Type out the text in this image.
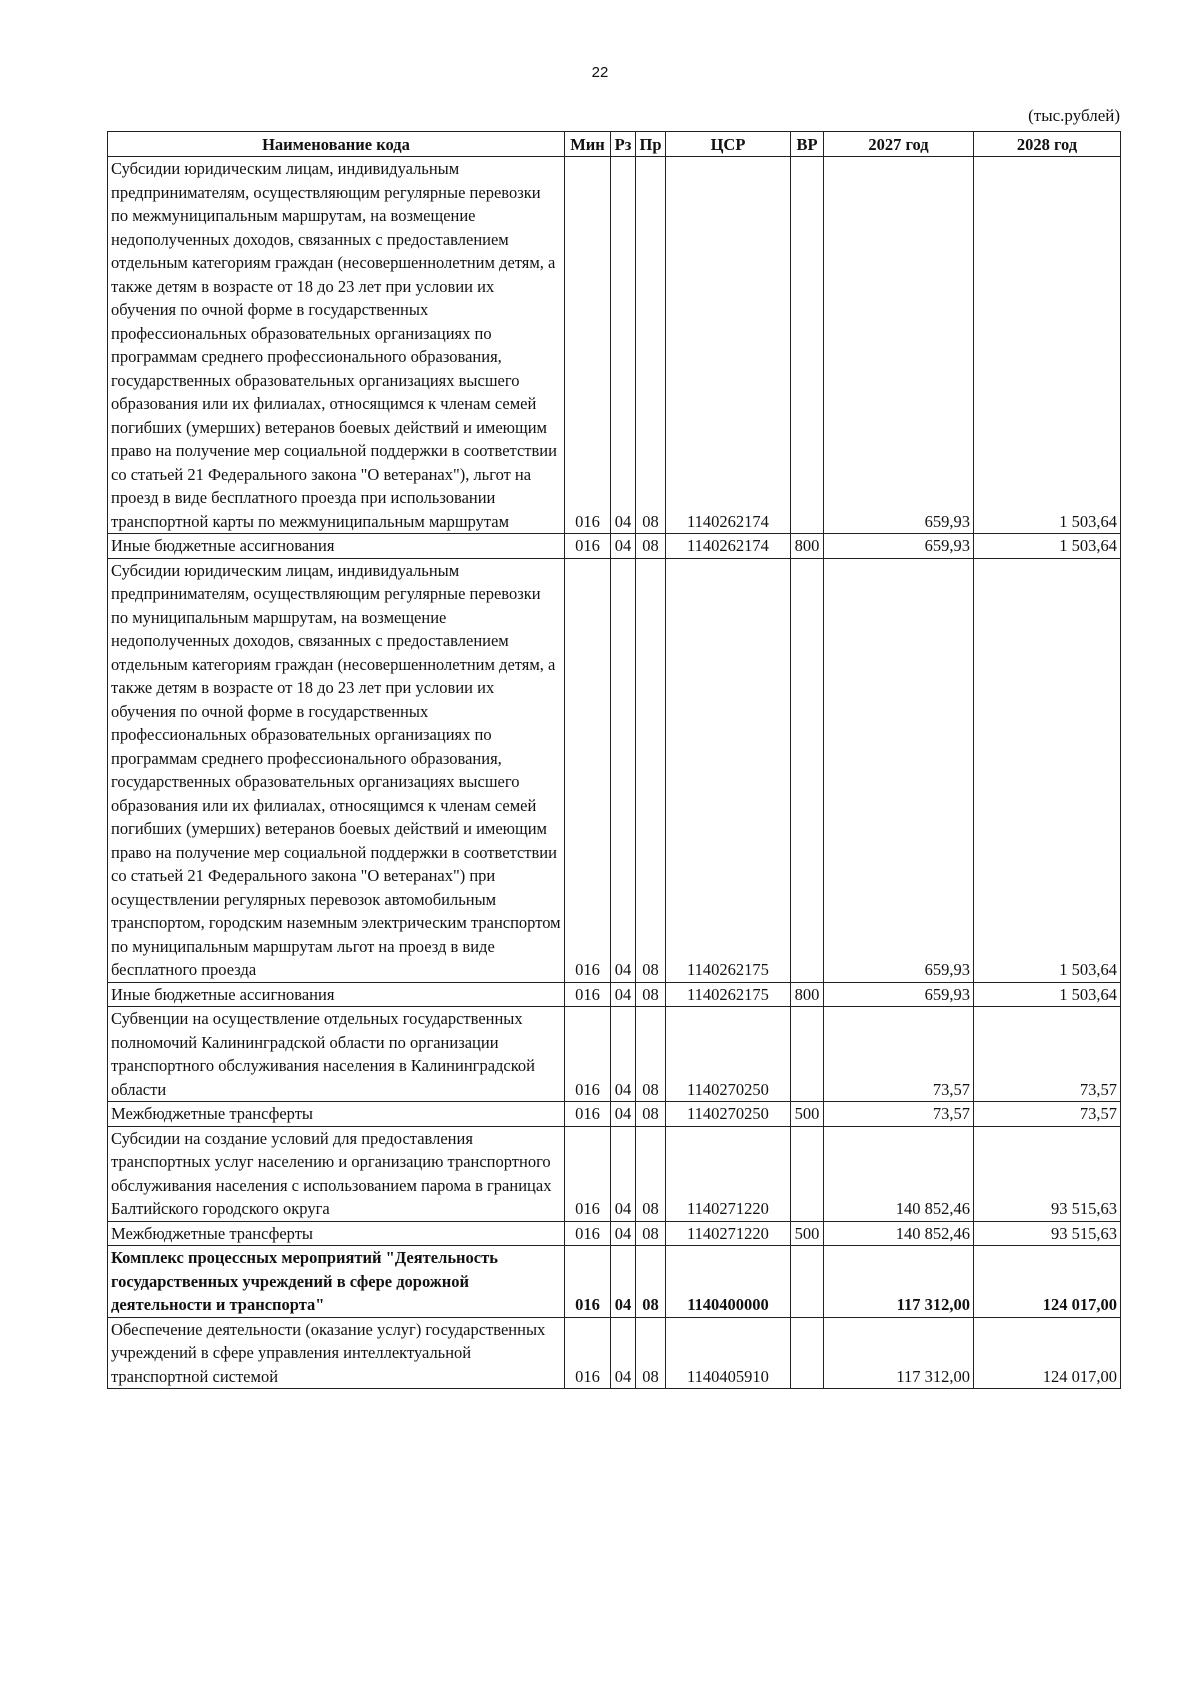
22
(тыс.рублей)
Наименование кода	Мин	Рз	Пр	ЦСР	ВР	2027 год	2028 год
Субсидии юридическим лицам, индивидуальным предпринимателям, осуществляющим регулярные перевозки по межмуниципальным маршрутам, на возмещение недополученных доходов, связанных с предоставлением отдельным категориям граждан (несовершеннолетним детям, а также детям в возрасте от 18 до 23 лет при условии их обучения по очной форме в государственных профессиональных образовательных организациях по программам среднего профессионального образования, государственных образовательных организациях высшего образования или их филиалах, относящимся к членам семей погибших (умерших) ветеранов боевых действий и имеющим право на получение мер социальной поддержки в соответствии со статьей 21 Федерального закона "О ветеранах"), льгот на проезд в виде бесплатного проезда при использовании транспортной карты по межмуниципальным маршрутам	016	04	08	1140262174		659,93	1 503,64
Иные бюджетные ассигнования	016	04	08	1140262174	800	659,93	1 503,64
Субсидии юридическим лицам, индивидуальным предпринимателям, осуществляющим регулярные перевозки по муниципальным маршрутам, на возмещение недополученных доходов, связанных с предоставлением отдельным категориям граждан (несовершеннолетним детям, а также детям в возрасте от 18 до 23 лет при условии их обучения по очной форме в государственных профессиональных образовательных организациях по программам среднего профессионального образования, государственных образовательных организациях высшего образования или их филиалах, относящимся к членам семей погибших (умерших) ветеранов боевых действий и имеющим право на получение мер социальной поддержки в соответствии со статьей 21 Федерального закона "О ветеранах") при осуществлении регулярных перевозок автомобильным транспортом, городским наземным электрическим транспортом по муниципальным маршрутам льгот на проезд в виде бесплатного проезда	016	04	08	1140262175		659,93	1 503,64
Иные бюджетные ассигнования	016	04	08	1140262175	800	659,93	1 503,64
Субвенции на осуществление отдельных государственных полномочий Калининградской области по организации транспортного обслуживания населения в Калининградской области	016	04	08	1140270250		73,57	73,57
Межбюджетные трансферты	016	04	08	1140270250	500	73,57	73,57
Субсидии на создание условий для предоставления транспортных услуг населению и организацию транспортного обслуживания населения с использованием парома в границах Балтийского городского округа	016	04	08	1140271220		140 852,46	93 515,63
Межбюджетные трансферты	016	04	08	1140271220	500	140 852,46	93 515,63
Комплекс процессных мероприятий "Деятельность государственных учреждений в сфере дорожной деятельности и транспорта"	016	04	08	1140400000		117 312,00	124 017,00
Обеспечение деятельности (оказание услуг) государственных учреждений в сфере управления интеллектуальной транспортной системой	016	04	08	1140405910		117 312,00	124 017,00
